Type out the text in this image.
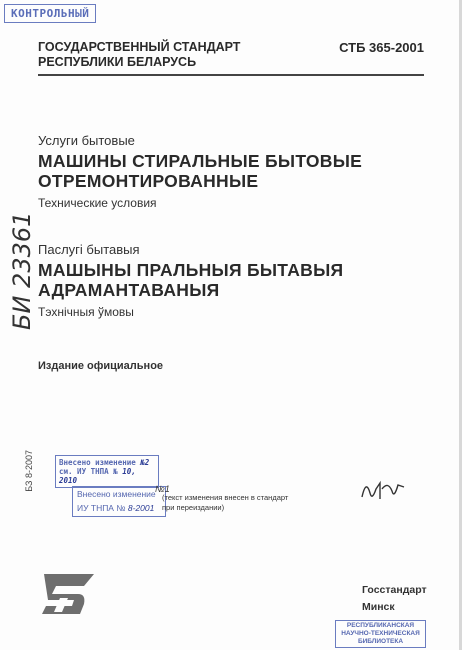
КОНТРОЛЬНЫЙ
ГОСУДАРСТВЕННЫЙ СТАНДАРТ
РЕСПУБЛИКИ БЕЛАРУСЬ
СТБ 365-2001
Услуги бытовые
МАШИНЫ СТИРАЛЬНЫЕ БЫТОВЫЕ
ОТРЕМОНТИРОВАННЫЕ
Технические условия
Паслугі бытавыя
МАШЫНЫ ПРАЛЬНЫЯ БЫТАВЫЯ
АДРАМАНТАВАНЫЯ
Тэхнічныя ўмовы
Издание официальное
БИ 23361
БЗ 8-2007	Внесено изменение №2
см. ИУ ТНПА № 10, 2010
Внесено изменение
ИУ ТНПА № 8-2001
№1
(текст изменения внесен в стандарт при переиздании)
Госстандарт
Минск
РЕСПУБЛИКАНСКАЯ
НАУЧНО-ТЕХНИЧЕСКАЯ
БИБЛИОТЕКА
